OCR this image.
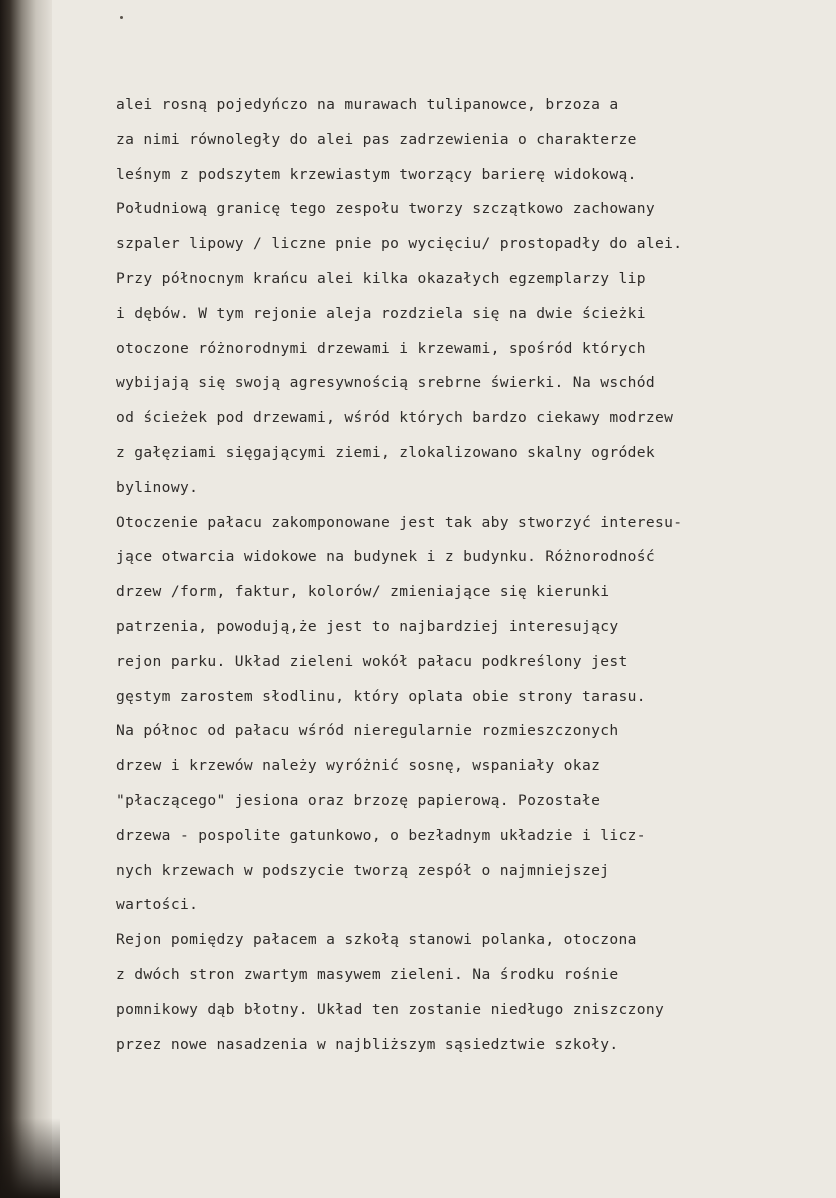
alei rosną pojedyńczo na murawach tulipanowce, brzoza a
za nimi równoległy do alei pas zadrzewienia o charakterze
leśnym z podszytem krzewiastym tworzący barierę widokową.
Południową granicę tego zespołu tworzy szczątkowo zachowany
szpaler lipowy / liczne pnie po wycięciu/ prostopadły do alei.
Przy północnym krańcu alei kilka okazałych egzemplarzy lip
i dębów. W tym rejonie aleja rozdziela się na dwie ścieżki
otoczone różnorodnymi drzewami i krzewami, spośród których
wybijają się swoją agresywnością srebrne świerki. Na wschód
od ścieżek pod drzewami, wśród których bardzo ciekawy modrzew
z gałęziami sięgającymi ziemi, zlokalizowano skalny ogródek
bylinowy.
Otoczenie pałacu zakomponowane jest tak aby stworzyć interesu-
jące otwarcia widokowe na budynek i z budynku. Różnorodność
drzew /form, faktur, kolorów/ zmieniające się kierunki
patrzenia, powodują,że jest to najbardziej interesujący
rejon parku. Układ zieleni wokół pałacu podkreślony jest
gęstym zarostem słodlinu, który oplata obie strony tarasu.
Na północ od pałacu wśród nieregularnie rozmieszczonych
drzew i krzewów należy wyróżnić sosnę, wspaniały okaz
"płaczącego" jesiona oraz brzozę papierową. Pozostałe
drzewa - pospolite gatunkowo, o bezładnym układzie i licz-
nych krzewach w podszycie tworzą zespół o najmniejszej
wartości.
Rejon pomiędzy pałacem a szkołą stanowi polanka, otoczona
z dwóch stron zwartym masywem zieleni. Na środku rośnie
pomnikowy dąb błotny. Układ ten zostanie niedługo zniszczony
przez nowe nasadzenia w najbliższym sąsiedztwie szkoły.
